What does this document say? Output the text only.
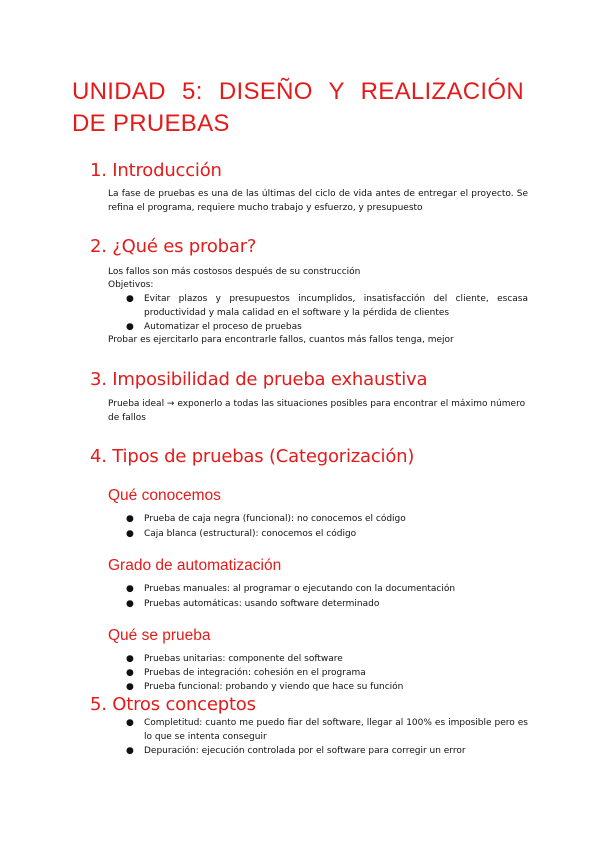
UNIDAD 5: DISEÑO Y REALIZACIÓN DE PRUEBAS
1. Introducción

La fase de pruebas es una de las últimas del ciclo de vida antes de entregar el proyecto. Se refina el programa, requiere mucho trabajo y esfuerzo, y presupuesto

2. ¿Qué es probar?

Los fallos son más costosos después de su construcción

Objetivos:

● Evitar plazos y presupuestos incumplidos, insatisfacción del cliente, escasa productividad y mala calidad en el software y la pérdida de clientes
● Automatizar el proceso de pruebas

Probar es ejercitarlo para encontrarle fallos, cuantos más fallos tenga, mejor

3. Imposibilidad de prueba exhaustiva

Prueba ideal → exponerlo a todas las situaciones posibles para encontrar el máximo número de fallos

4. Tipos de pruebas (Categorización)
Qué conocemos
● Prueba de caja negra (funcional): no conocemos el código
● Caja blanca (estructural): conocemos el código
Grado de automatización
● Pruebas manuales: al programar o ejecutando con la documentación
● Pruebas automáticas: usando software determinado
Qué se prueba
● Pruebas unitarias: componente del software
● Pruebas de integración: cohesión en el programa
● Prueba funcional: probando y viendo que hace su función
5. Otros conceptos
● Completitud: cuanto me puedo fiar del software, llegar al 100% es imposible pero es lo que se intenta conseguir
● Depuración: ejecución controlada por el software para corregir un error
